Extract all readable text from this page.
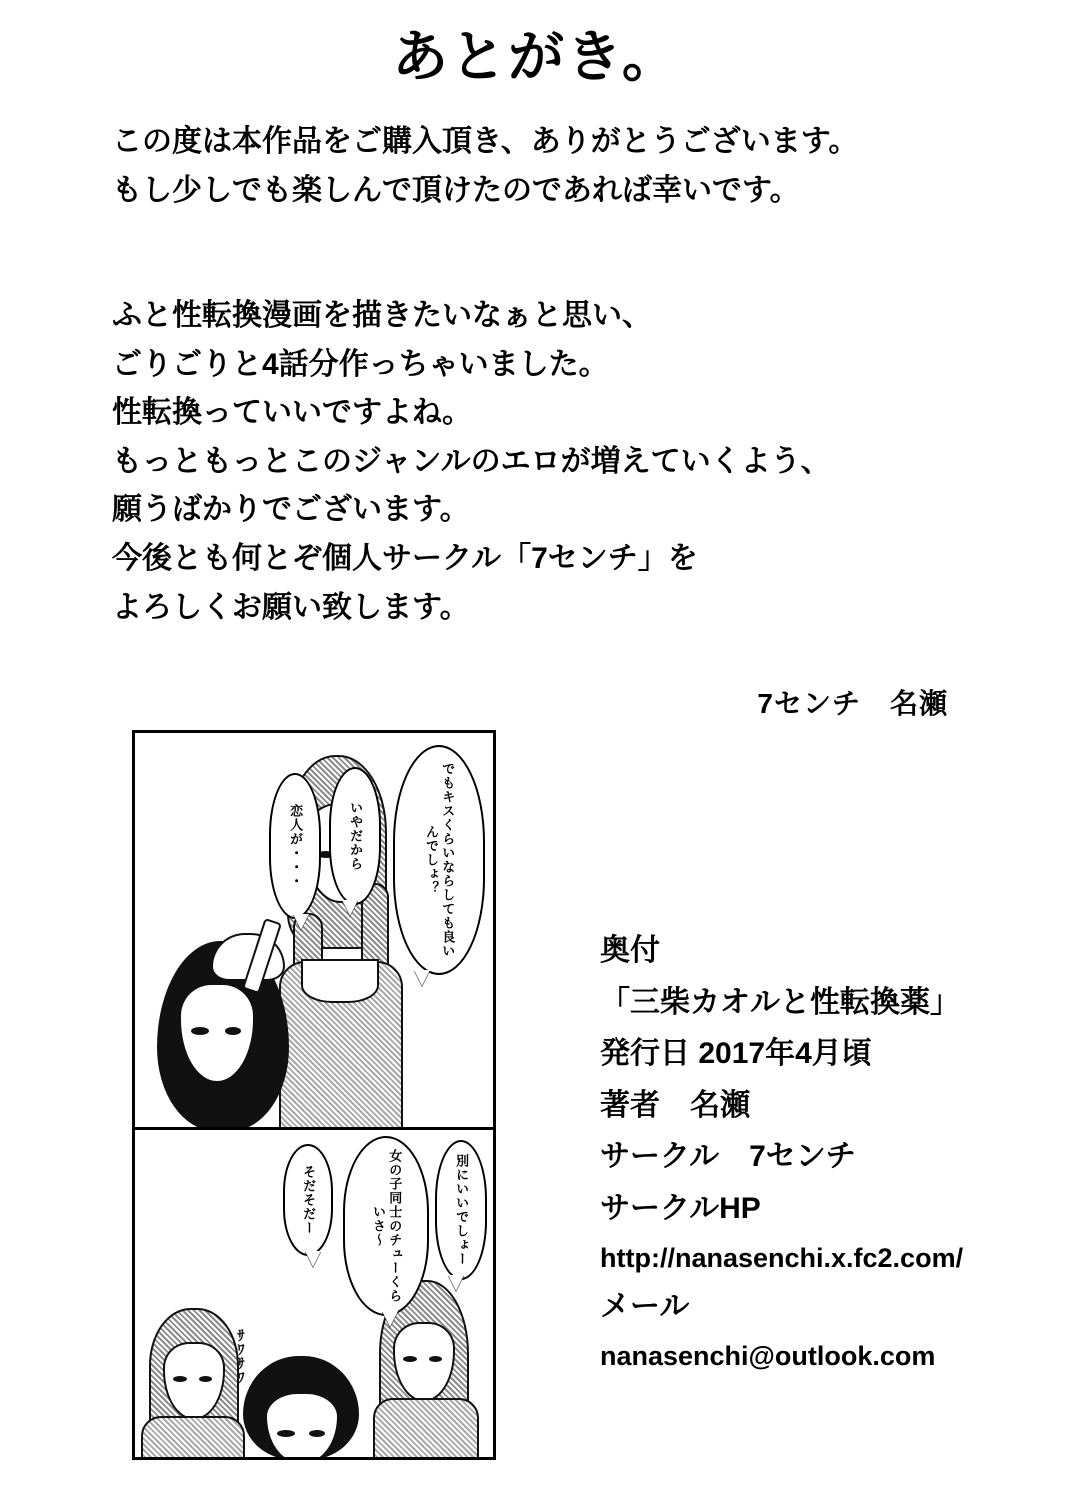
あとがき。
この度は本作品をご購入頂き、ありがとうございます。
もし少しでも楽しんで頂けたのであれば幸いです。
ふと性転換漫画を描きたいなぁと思い、
ごりごりと4話分作っちゃいました。
性転換っていいですよね。
もっともっとこのジャンルのエロが増えていくよう、
願うばかりでございます。
今後とも何とぞ個人サークル「7センチ」を
よろしくお願い致します。
7センチ　名瀬
でもキスくらいならしても良いんでしょ？
いやだから
恋人が・・・
ｻﾜｻﾜ
別にいいでしょー
女の子同士のチューくらいさ～
そだそだー
奥付
「三柴カオルと性転換薬」
発行日 2017年4月頃
著者　名瀬
サークル　7センチ
サークルHP
http://nanasenchi.x.fc2.com/
メール
nanasenchi@outlook.com
